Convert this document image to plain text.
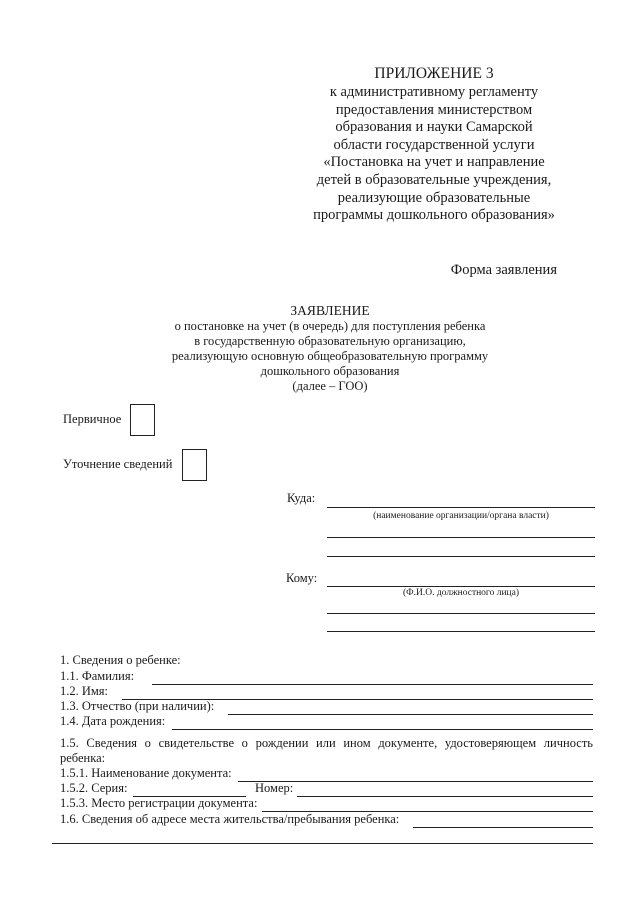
ПРИЛОЖЕНИЕ 3
к административному регламенту
предоставления министерством
образования и науки Самарской
области государственной услуги
«Постановка на учет и направление
детей в образовательные учреждения,
реализующие образовательные
программы дошкольного образования»
Форма заявления
ЗАЯВЛЕНИЕ
о постановке на учет (в очередь) для поступления ребенка
в государственную образовательную организацию,
реализующую основную общеобразовательную программу
дошкольного образования
(далее – ГОО)
Первичное
Уточнение сведений
Куда:
(наименование организации/органа власти)
Кому:
(Ф.И.О. должностного лица)
1. Сведения о ребенке:
1.1. Фамилия:
1.2. Имя:
1.3. Отчество (при наличии):
1.4. Дата рождения:
1.5. Сведения о свидетельстве о рождении или ином документе, удостоверяющем личность
ребенка:
1.5.1. Наименование документа:
1.5.2. Серия:	Номер:
1.5.3. Место регистрации документа:
1.6. Сведения об адресе места жительства/пребывания ребенка:
